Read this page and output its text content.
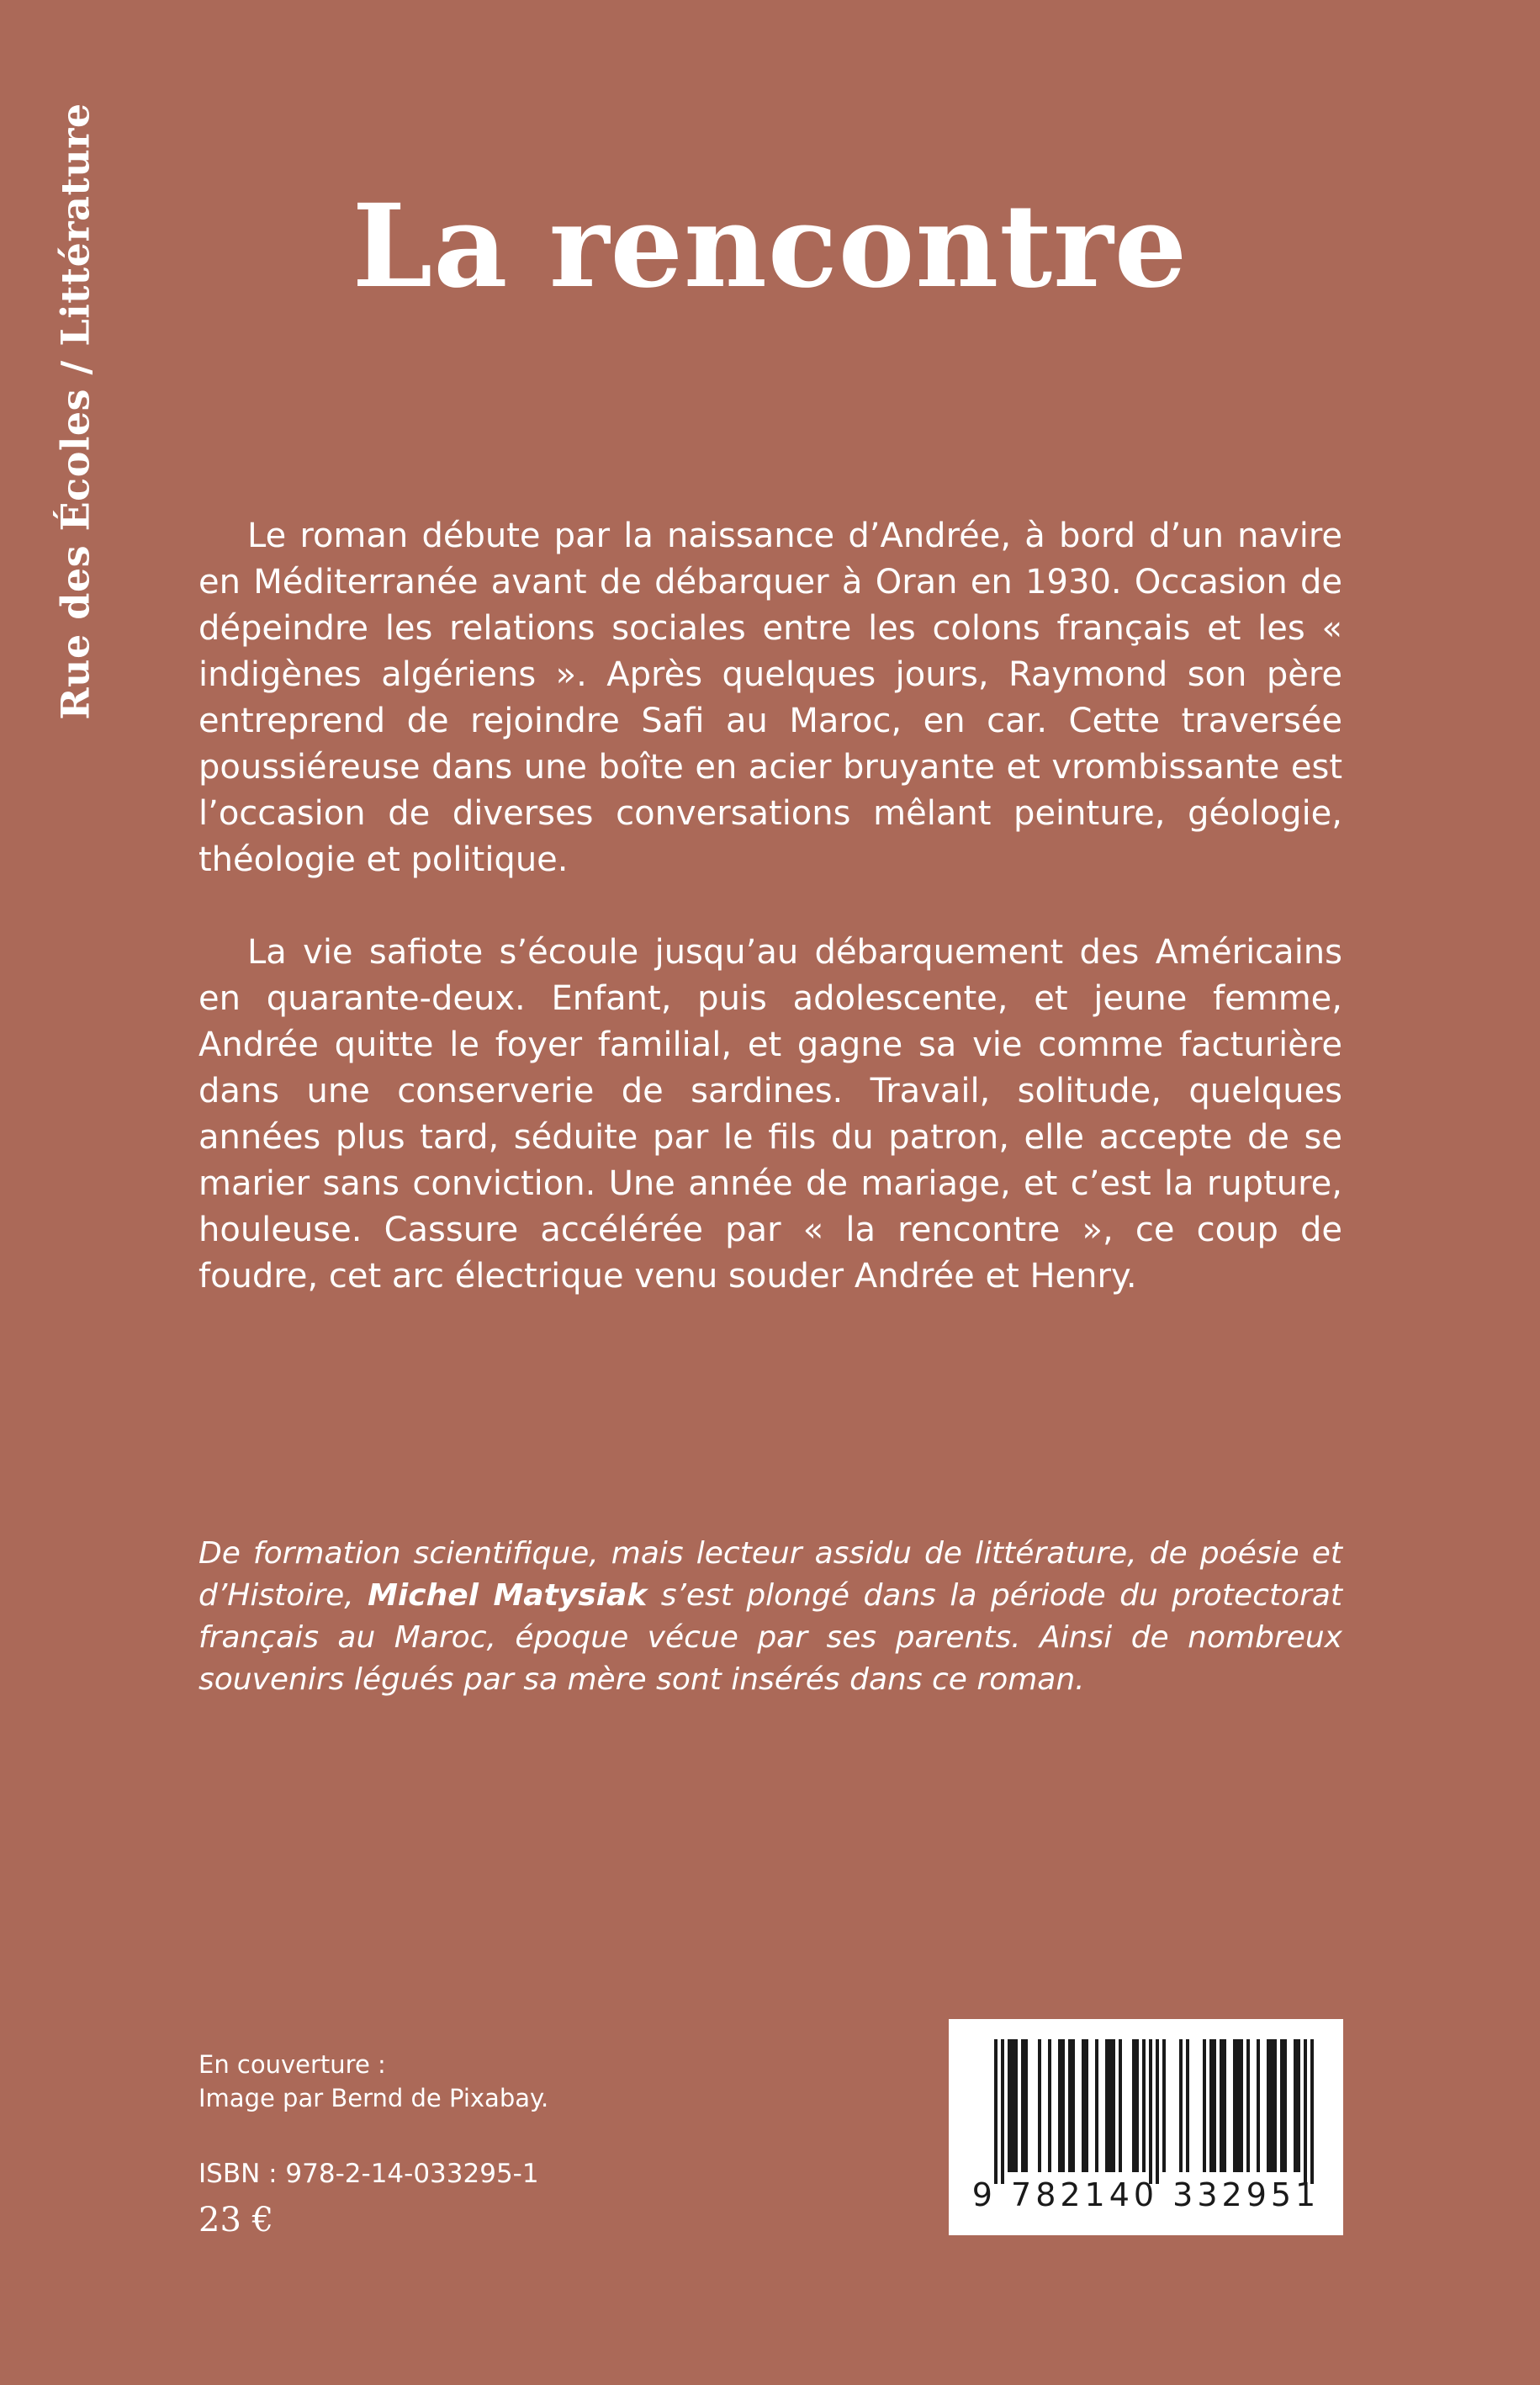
Rue des Écoles / Littérature	La rencontre

Le roman débute par la naissance d’Andrée, à bord d’un navire en Méditerranée avant de débarquer à Oran en 1930. Occasion de dépeindre les relations sociales entre les colons français et les « indigènes algériens ». Après quelques jours, Raymond son père entreprend de rejoindre Safi au Maroc, en car. Cette traversée poussiéreuse dans une boîte en acier bruyante et vrombissante est l’occasion de diverses conversations mêlant peinture, géologie, théologie et politique.

La vie safiote s’écoule jusqu’au débarquement des Américains en quarante-deux. Enfant, puis adolescente, et jeune femme, Andrée quitte le foyer familial, et gagne sa vie comme facturière dans une conserverie de sardines. Travail, solitude, quelques années plus tard, séduite par le fils du patron, elle accepte de se marier sans conviction. Une année de mariage, et c’est la rupture, houleuse. Cassure accélérée par « la rencontre », ce coup de foudre, cet arc électrique venu souder Andrée et Henry.

De formation scientifique, mais lecteur assidu de littérature, de poésie et d’Histoire, Michel Matysiak s’est plongé dans la période du protectorat français au Maroc, époque vécue par ses parents. Ainsi de nombreux souvenirs légués par sa mère sont insérés dans ce roman.

En couverture :
Image par Bernd de Pixabay.
ISBN : 978-2-14-033295-1
23 €
9 782140 332951
